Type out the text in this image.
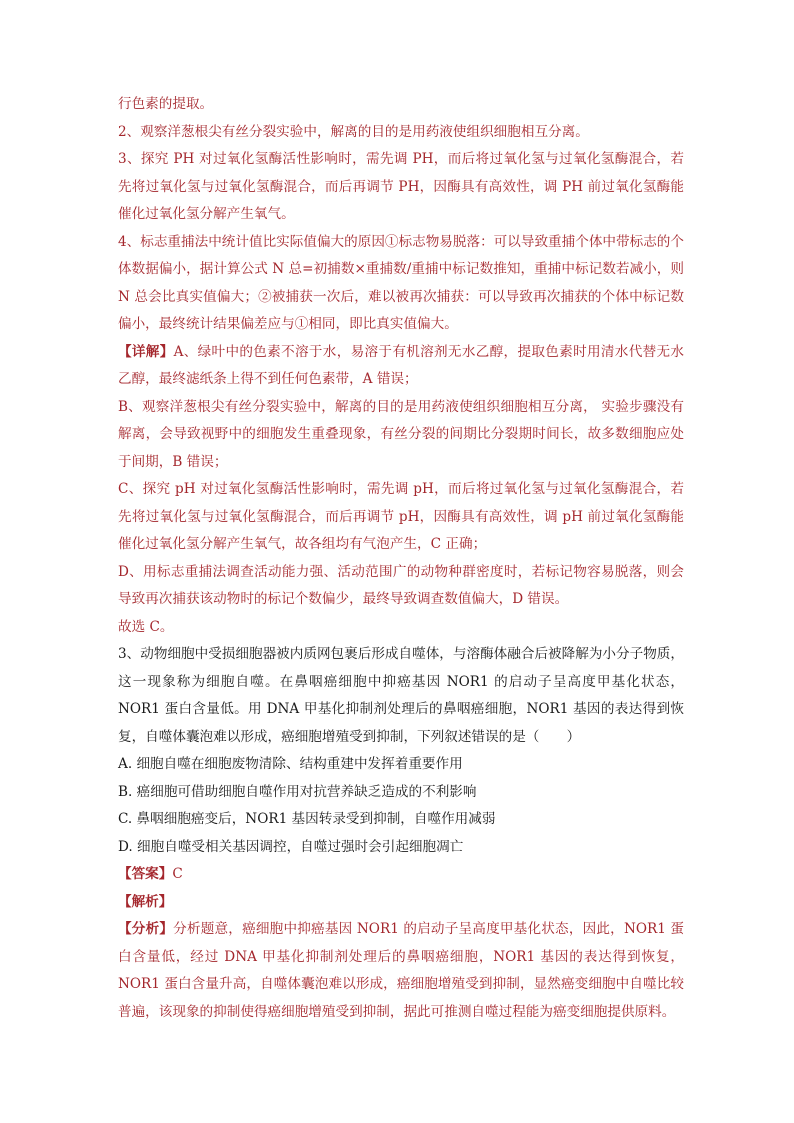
行色素的提取。

2、观察洋葱根尖有丝分裂实验中，解离的目的是用药液使组织细胞相互分离。

3、探究 PH 对过氧化氢酶活性影响时，需先调 PH，而后将过氧化氢与过氧化氢酶混合，若先将过氧化氢与过氧化氢酶混合，而后再调节 PH，因酶具有高效性，调 PH 前过氧化氢酶能催化过氧化氢分解产生氧气。

4、标志重捕法中统计值比实际值偏大的原因①标志物易脱落：可以导致重捕个体中带标志的个体数据偏小，据计算公式 N 总=初捕数×重捕数/重捕中标记数推知，重捕中标记数若减小，则 N 总会比真实值偏大；②被捕获一次后，难以被再次捕获：可以导致再次捕获的个体中标记数偏小，最终统计结果偏差应与①相同，即比真实值偏大。

【详解】A、绿叶中的色素不溶于水，易溶于有机溶剂无水乙醇，提取色素时用清水代替无水乙醇，最终滤纸条上得不到任何色素带，A 错误；

B、观察洋葱根尖有丝分裂实验中，解离的目的是用药液使组织细胞相互分离， 实验步骤没有解离，会导致视野中的细胞发生重叠现象，有丝分裂的间期比分裂期时间长，故多数细胞应处于间期，B 错误；

C、探究 pH 对过氧化氢酶活性影响时，需先调 pH，而后将过氧化氢与过氧化氢酶混合，若先将过氧化氢与过氧化氢酶混合，而后再调节 pH，因酶具有高效性，调 pH 前过氧化氢酶能催化过氧化氢分解产生氧气，故各组均有气泡产生，C 正确；

D、用标志重捕法调查活动能力强、活动范围广的动物种群密度时，若标记物容易脱落，则会导致再次捕获该动物时的标记个数偏少，最终导致调查数值偏大，D 错误。

故选 C。

3、动物细胞中受损细胞器被内质网包裹后形成自噬体，与溶酶体融合后被降解为小分子物质，这一现象称为细胞自噬。在鼻咽癌细胞中抑癌基因 NOR1 的启动子呈高度甲基化状态，NOR1 蛋白含量低。用 DNA 甲基化抑制剂处理后的鼻咽癌细胞，NOR1 基因的表达得到恢复，自噬体囊泡难以形成，癌细胞增殖受到抑制，下列叙述错误的是（　　）

A. 细胞自噬在细胞废物清除、结构重建中发挥着重要作用

B. 癌细胞可借助细胞自噬作用对抗营养缺乏造成的不利影响

C. 鼻咽细胞癌变后，NOR1 基因转录受到抑制，自噬作用减弱

D. 细胞自噬受相关基因调控，自噬过强时会引起细胞凋亡

【答案】C

【解析】

【分析】分析题意，癌细胞中抑癌基因 NOR1 的启动子呈高度甲基化状态，因此，NOR1 蛋白含量低，经过 DNA 甲基化抑制剂处理后的鼻咽癌细胞，NOR1 基因的表达得到恢复，NOR1 蛋白含量升高，自噬体囊泡难以形成，癌细胞增殖受到抑制，显然癌变细胞中自噬比较普遍，该现象的抑制使得癌细胞增殖受到抑制，据此可推测自噬过程能为癌变细胞提供原料。
